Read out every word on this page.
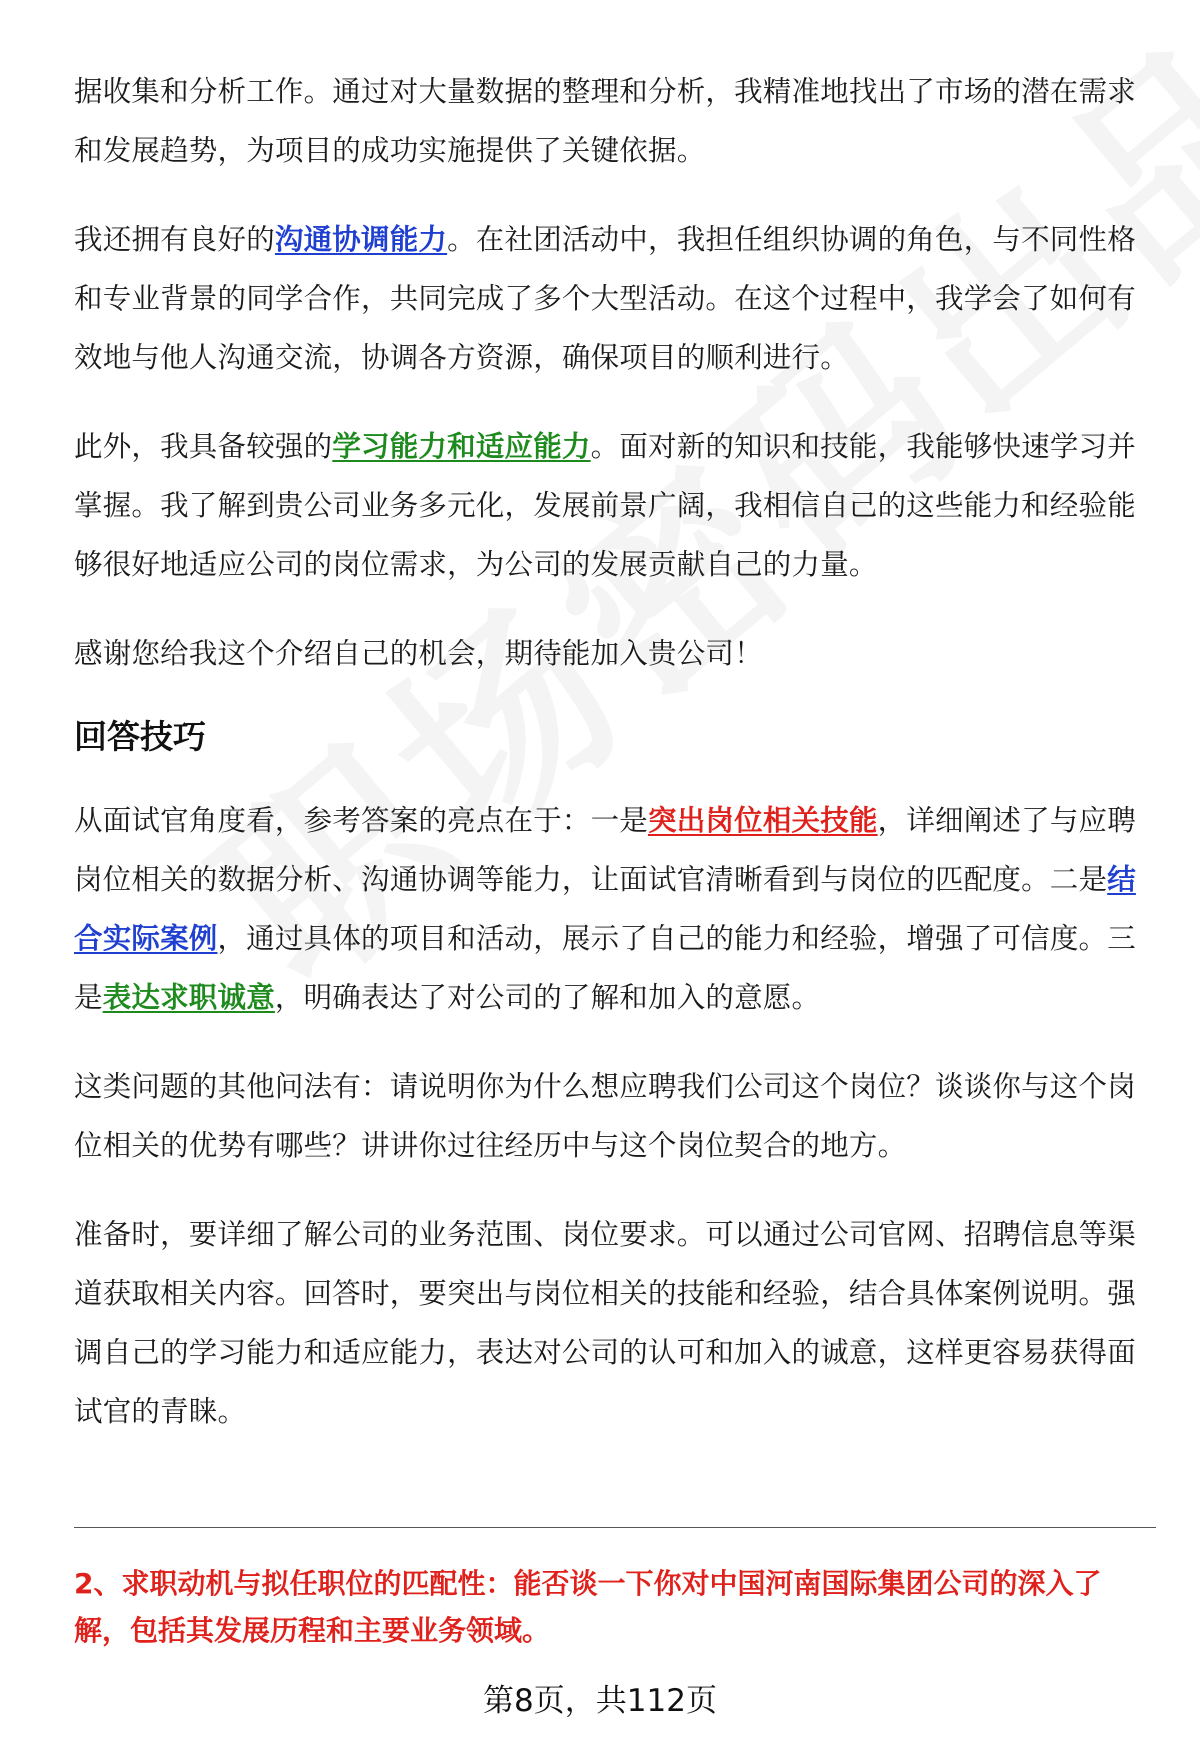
据收集和分析工作。通过对大量数据的整理和分析，我精准地找出了市场的潜在需求和发展趋势，为项目的成功实施提供了关键依据。

我还拥有良好的沟通协调能力。在社团活动中，我担任组织协调的角色，与不同性格和专业背景的同学合作，共同完成了多个大型活动。在这个过程中，我学会了如何有效地与他人沟通交流，协调各方资源，确保项目的顺利进行。

此外，我具备较强的学习能力和适应能力。面对新的知识和技能，我能够快速学习并掌握。我了解到贵公司业务多元化，发展前景广阔，我相信自己的这些能力和经验能够很好地适应公司的岗位需求，为公司的发展贡献自己的力量。

感谢您给我这个介绍自己的机会，期待能加入贵公司！

回答技巧

从面试官角度看，参考答案的亮点在于：一是突出岗位相关技能，详细阐述了与应聘岗位相关的数据分析、沟通协调等能力，让面试官清晰看到与岗位的匹配度。二是结合实际案例，通过具体的项目和活动，展示了自己的能力和经验，增强了可信度。三是表达求职诚意，明确表达了对公司的了解和加入的意愿。

这类问题的其他问法有：请说明你为什么想应聘我们公司这个岗位？谈谈你与这个岗位相关的优势有哪些？讲讲你过往经历中与这个岗位契合的地方。

准备时，要详细了解公司的业务范围、岗位要求。可以通过公司官网、招聘信息等渠道获取相关内容。回答时，要突出与岗位相关的技能和经验，结合具体案例说明。强调自己的学习能力和适应能力，表达对公司的认可和加入的诚意，这样更容易获得面试官的青睐。

2、求职动机与拟任职位的匹配性：能否谈一下你对中国河南国际集团公司的深入了解，包括其发展历程和主要业务领域。
第8页，共112页
